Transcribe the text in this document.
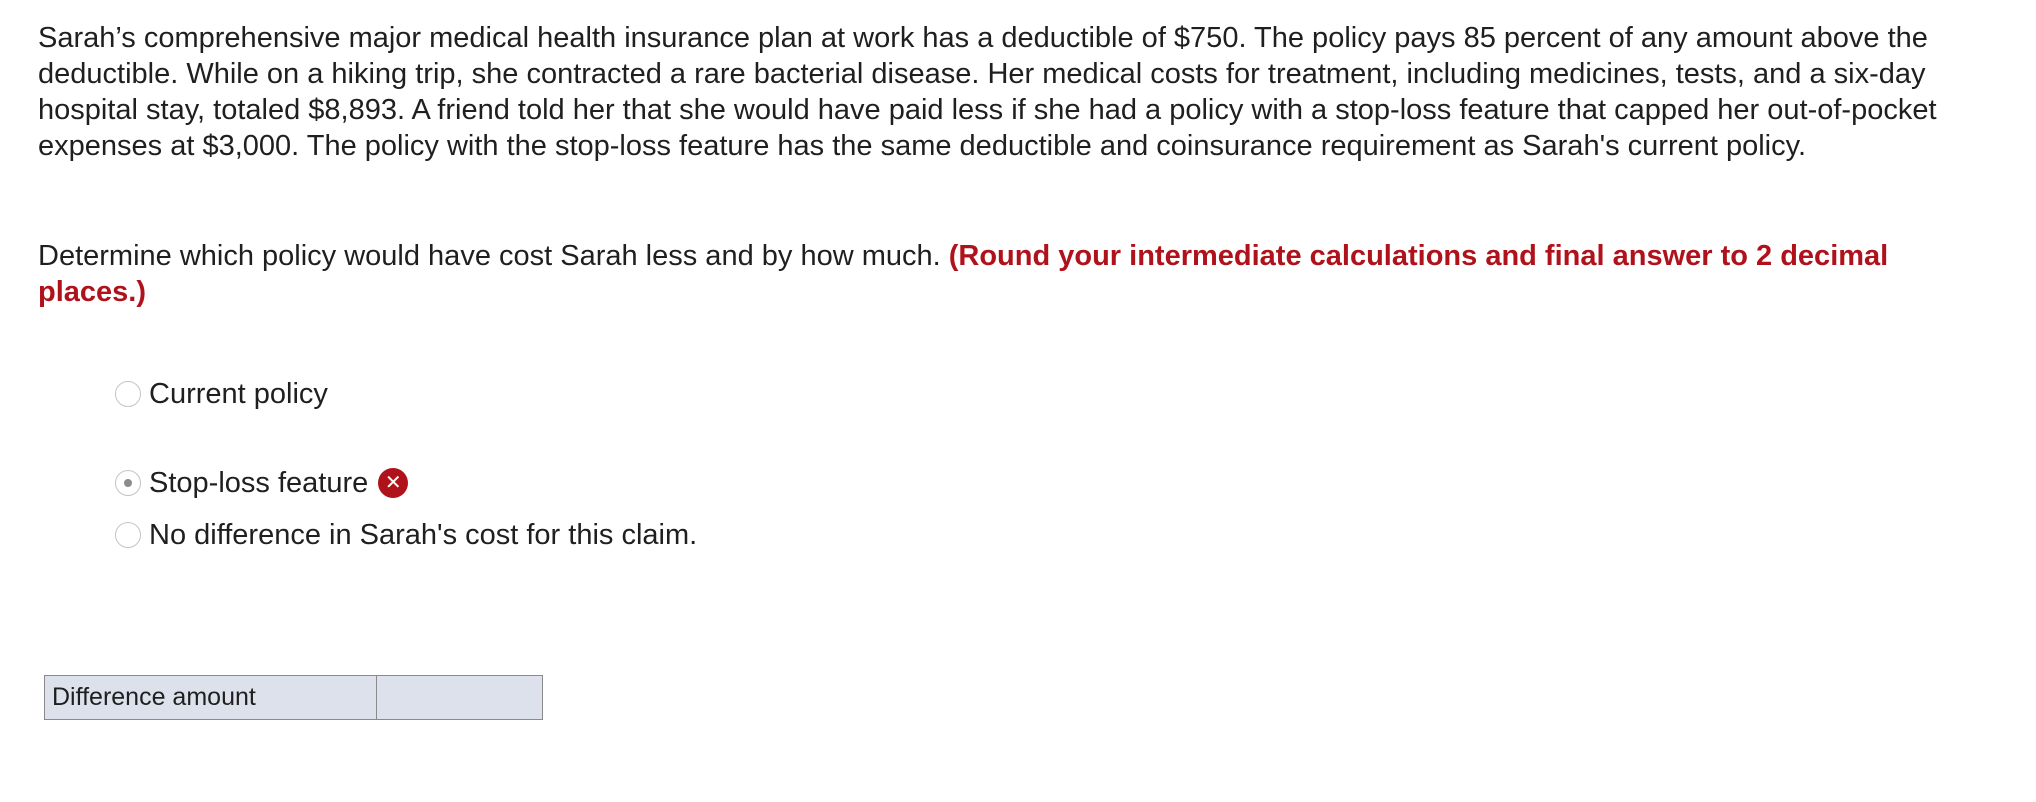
Sarah’s comprehensive major medical health insurance plan at work has a deductible of $750. The policy pays 85 percent of any amount above the deductible. While on a hiking trip, she contracted a rare bacterial disease. Her medical costs for treatment, including medicines, tests, and a six-day hospital stay, totaled $8,893. A friend told her that she would have paid less if she had a policy with a stop-loss feature that capped her out-of-pocket expenses at $3,000. The policy with the stop-loss feature has the same deductible and coinsurance requirement as Sarah's current policy.

Determine which policy would have cost Sarah less and by how much. (Round your intermediate calculations and final answer to 2 decimal places.)

Current policy
Stop-loss feature ✕
No difference in Sarah's cost for this claim.
Difference amount	
